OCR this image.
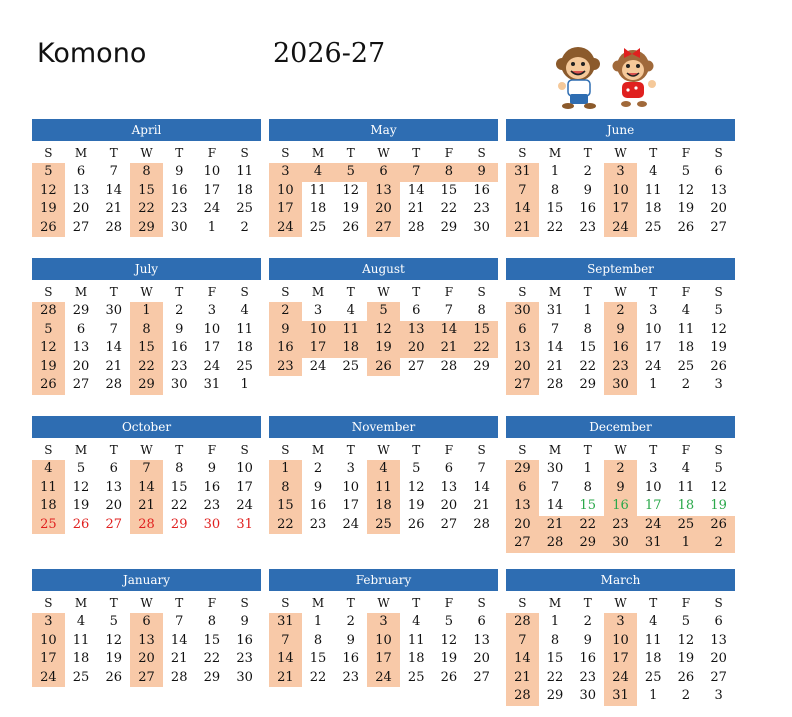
Komono	2026-27
April
S	M	T	W	T	F	S
5	6	7	8	9	10	11
12	13	14	15	16	17	18
19	20	21	22	23	24	25
26	27	28	29	30	1	2
May
S	M	T	W	T	F	S
3	4	5	6	7	8	9
10	11	12	13	14	15	16
17	18	19	20	21	22	23
24	25	26	27	28	29	30
June
S	M	T	W	T	F	S
31	1	2	3	4	5	6
7	8	9	10	11	12	13
14	15	16	17	18	19	20
21	22	23	24	25	26	27
July
S	M	T	W	T	F	S
28	29	30	1	2	3	4
5	6	7	8	9	10	11
12	13	14	15	16	17	18
19	20	21	22	23	24	25
26	27	28	29	30	31	1
August
S	M	T	W	T	F	S
2	3	4	5	6	7	8
9	10	11	12	13	14	15
16	17	18	19	20	21	22
23	24	25	26	27	28	29
September
S	M	T	W	T	F	S
30	31	1	2	3	4	5
6	7	8	9	10	11	12
13	14	15	16	17	18	19
20	21	22	23	24	25	26
27	28	29	30	1	2	3
October
S	M	T	W	T	F	S
4	5	6	7	8	9	10
11	12	13	14	15	16	17
18	19	20	21	22	23	24
25	26	27	28	29	30	31
November
S	M	T	W	T	F	S
1	2	3	4	5	6	7
8	9	10	11	12	13	14
15	16	17	18	19	20	21
22	23	24	25	26	27	28
December
S	M	T	W	T	F	S
29	30	1	2	3	4	5
6	7	8	9	10	11	12
13	14	15	16	17	18	19
20	21	22	23	24	25	26
27	28	29	30	31	1	2
January
S	M	T	W	T	F	S
3	4	5	6	7	8	9
10	11	12	13	14	15	16
17	18	19	20	21	22	23
24	25	26	27	28	29	30
February
S	M	T	W	T	F	S
31	1	2	3	4	5	6
7	8	9	10	11	12	13
14	15	16	17	18	19	20
21	22	23	24	25	26	27
March
S	M	T	W	T	F	S
28	1	2	3	4	5	6
7	8	9	10	11	12	13
14	15	16	17	18	19	20
21	22	23	24	25	26	27
28	29	30	31	1	2	3
